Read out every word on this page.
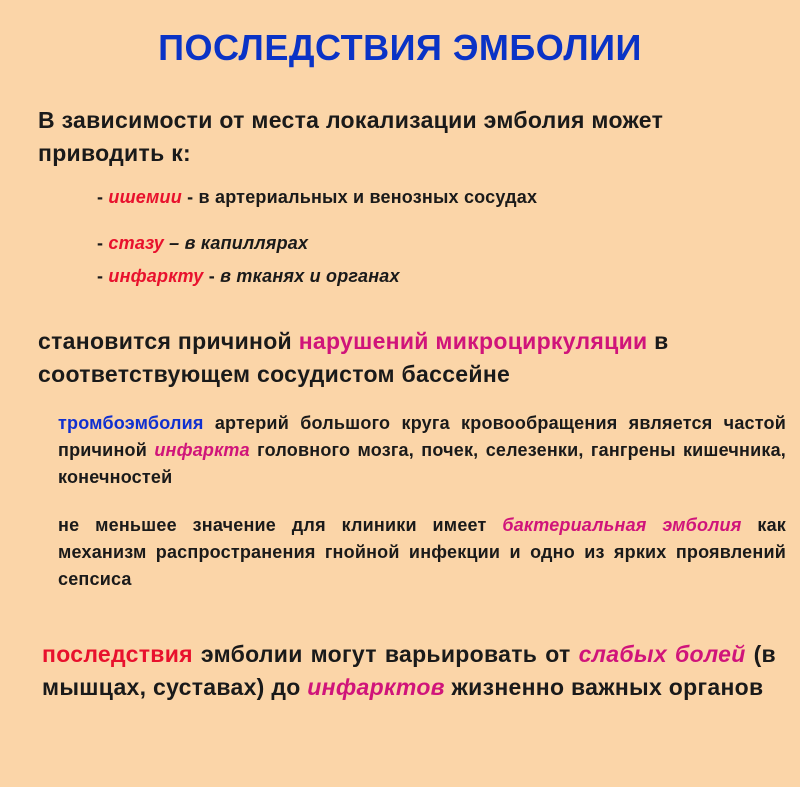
ПОСЛЕДСТВИЯ ЭМБОЛИИ
В зависимости от места локализации эмболия может приводить к:
- ишемии - в артериальных и венозных сосудах
- стазу – в капиллярах
- инфаркту - в тканях и органах
становится причиной нарушений микроциркуляции в соответствующем сосудистом бассейне
тромбоэмболия артерий большого круга кровообращения является частой причиной инфаркта головного мозга, почек, селезенки, гангрены кишечника, конечностей
не меньшее значение для клиники имеет бактериальная эмболия как механизм распространения гнойной инфекции и одно из ярких проявлений сепсиса
последствия эмболии могут варьировать от слабых болей (в мышцах, суставах) до инфарктов жизненно важных органов
